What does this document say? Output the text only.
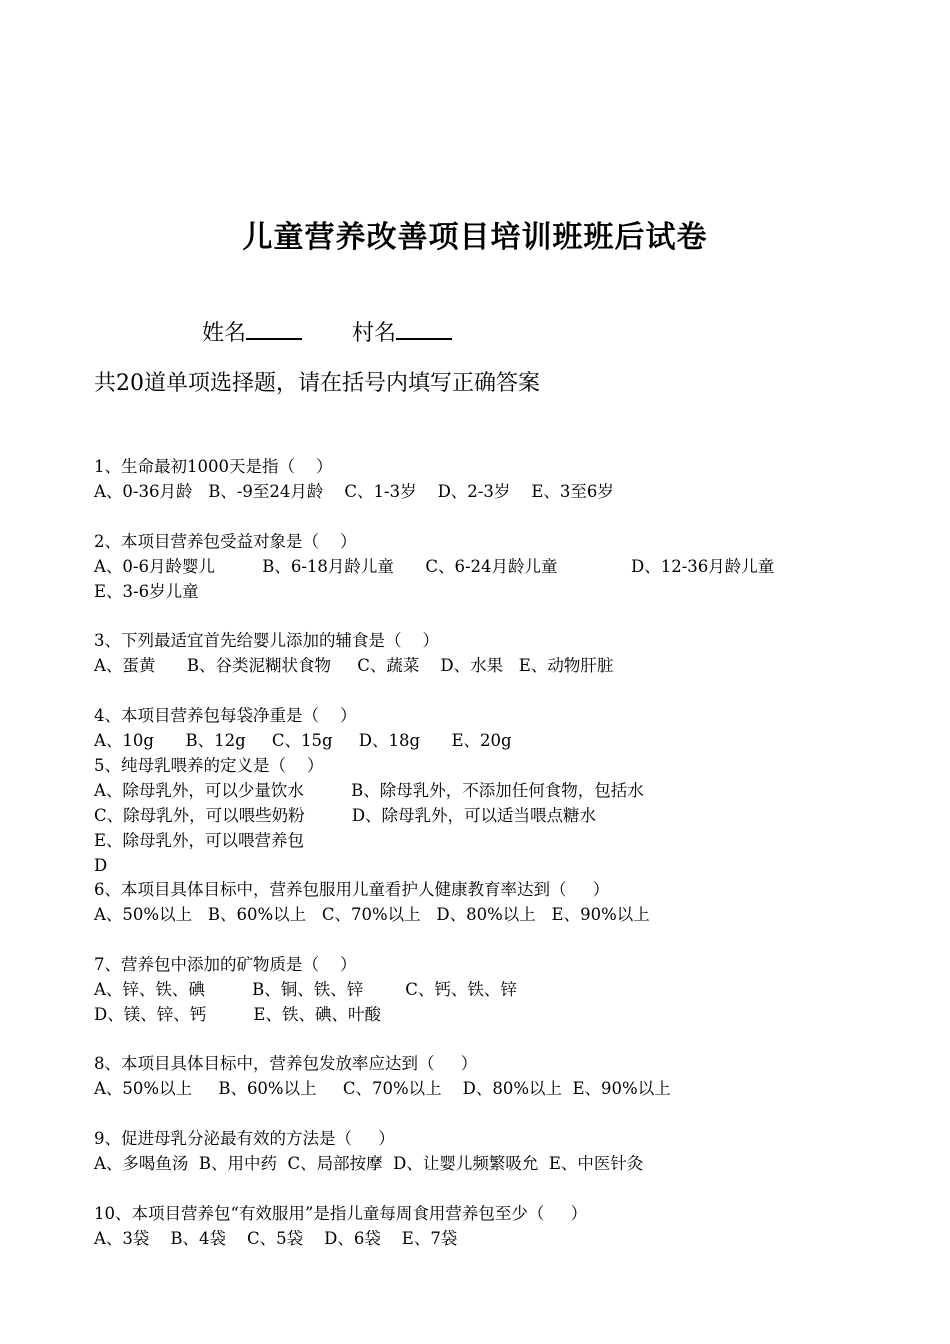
儿童营养改善项目培训班班后试卷
姓名	村名
共20道单项选择题，请在括号内填写正确答案
1、生命最初1000天是指（    ）
A、0-36月龄   B、-9至24月龄    C、1-3岁    D、2-3岁    E、3至6岁
2、本项目营养包受益对象是（    ）
A、0-6月龄婴儿         B、6-18月龄儿童      C、6-24月龄儿童              D、12-36月龄儿童
E、3-6岁儿童
3、下列最适宜首先给婴儿添加的辅食是（    ）
A、蛋黄      B、谷类泥糊状食物     C、蔬菜    D、水果   E、动物肝脏
4、本项目营养包每袋净重是（    ）
A、10g      B、12g     C、15g     D、18g      E、20g
5、纯母乳喂养的定义是（    ）
A、除母乳外，可以少量饮水         B、除母乳外，不添加任何食物，包括水
C、除母乳外，可以喂些奶粉         D、除母乳外，可以适当喂点糖水
E、除母乳外，可以喂营养包
D
6、本项目具体目标中，营养包服用儿童看护人健康教育率达到（     ）
A、50%以上   B、60%以上   C、70%以上   D、80%以上   E、90%以上
7、营养包中添加的矿物质是（    ）
A、锌、铁、碘         B、铜、铁、锌        C、钙、铁、锌
D、镁、锌、钙         E、铁、碘、叶酸
8、本项目具体目标中，营养包发放率应达到（     ）
A、50%以上     B、60%以上     C、70%以上    D、80%以上  E、90%以上
9、促进母乳分泌最有效的方法是（     ）
A、多喝鱼汤  B、用中药  C、局部按摩  D、让婴儿频繁吸允  E、中医针灸
10、本项目营养包“有效服用”是指儿童每周食用营养包至少（     ）
A、3袋    B、4袋    C、5袋    D、6袋    E、7袋
